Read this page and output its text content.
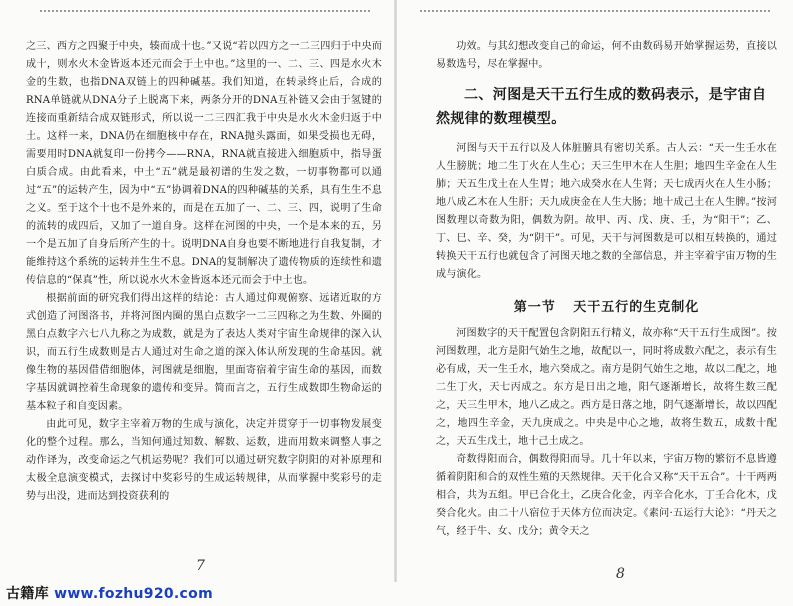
之三、西方之四聚于中央，辏而成十也。”又说“若以四方之一二三四归于中央而成十，则水火木金皆返本还元而会于土中也。”这里的一、二、三、四是水火木金的生数，也指DNA双链上的四种碱基。我们知道，在转录终止后，合成的RNA单链就从DNA分子上脱离下来，两条分开的DNA互补链又会由于氢键的连接而重新结合成双链形式，所以说一二三四汇我于中央是水火木金归返于中土。这样一来，DNA仍在细胞核中存在，RNA抛头露面，如果受损也无碍，需要用时DNA就复印一份拷今——RNA，RNA就直接进入细胞质中，指导蛋白质合成。由此看来，中土“五”就是最初谱的生发之数，一切事物都可以通过“五”的运转产生，因为中“五”协调着DNA的四种碱基的关系，具有生生不息之义。至于这个十也不是外来的，而是在五加了一、二、三、四，说明了生命的流转的成四后，又加了一道自身。这样在河图的中央，一个是本来的五，另一个是五加了自身后所产生的十。说明DNA自身也要不断地进行自我复制，才能维持这个系统的运转并生生不息。DNA的复制解决了遗传物质的连续性和遗传信息的“保真”性，所以说水火木金皆返本还元而会于中土也。

根据前面的研究我们得出这样的结论：古人通过仰观俯察、远诸近取的方式创造了河图洛书，并将河图内圈的黑白点数字一二三四称之为生数、外圈的黑白点数字六七八九称之为成数，就是为了表达人类对宇宙生命规律的深入认识，而五行生成数则是古人通过对生命之道的深入体认所发现的生命基因。就像生物的基因借借细胞体，河图就是细胞，里面寄宿着宇宙生命的基因，而数字基因就调控着生命现象的遗传和变异。简而言之，五行生成数即生物命运的基本粒子和自变因素。

由此可见，数字主宰着万物的生成与演化，决定并贯穿于一切事物发展变化的整个过程。那么，当知何通过知数、解数、运数，进而用数来调整人事之动作译为，改变命运之气机运势呢？我们可以通过研究数字阴阳的对补原理和太极全息演变模式，去探讨中奖彩号的生成运转规律，从而掌握中奖彩号的走势与出没，进而达到投资获利的

功效。与其幻想改变自己的命运，何不由数码易开始掌握运势，直接以易数选号，尽在掌握中。

二、河图是天干五行生成的数码表示，是宇宙自然规律的数理模型。

河图与天干五行以及人体脏腑具有密切关系。古人云：“天一生壬水在人生膀胱；地二生丁火在人生心；天三生甲木在人生胆；地四生辛金在人生肺；天五生戊土在人生胃；地六成癸水在人生肾；天七成丙火在人生小肠；地八成乙木在人生肝；天九成庚金在人生大肠；地十成己土在人生脾。”按河图数理以奇数为阳，偶数为阴。故甲、丙、戊、庚、壬，为“阳干”；乙、丁、巳、辛、癸，为“阴干”。可见，天干与河图数是可以相互转换的，通过转换天干五行也就包含了河图天地之数的全部信息，并主宰着宇宙万物的生成与演化。

第一节 天干五行的生克制化

河图数字的天干配置包含阴阳五行精义，故亦称“天干五行生成图”。按河图数理，北方是阳气始生之地，故配以一，同时将成数六配之，表示有生必有成，天一生壬水，地六癸成之。南方是阴气始生之地，故以二配之，地二生丁火，天七丙成之。东方是日出之地，阳气逐渐增长，故将生数三配之，天三生甲木，地八乙成之。西方是日落之地，阴气逐渐增长，故以四配之，地四生辛金，天九庚成之。中央是中心之地，故将生数五，成数十配之，天五生戊土，地十己土成之。

奇数得阳而合，偶数得阳而导。几十年以来，宇宙万物的繁衍不息皆遵循着阴阳和合的双性生殖的天然规律。天干化合又称“天干五合”。十干两两相合，共为五组。甲已合化土，乙庚合化金，丙辛合化水，丁壬合化木，戊癸合化火。由二十八宿位于天体方位而决定。《素问·五运行大论》：“丹天之气，经于牛、女、戊分；黄令天之

7
古籍库 www.fozhu920.com
8
